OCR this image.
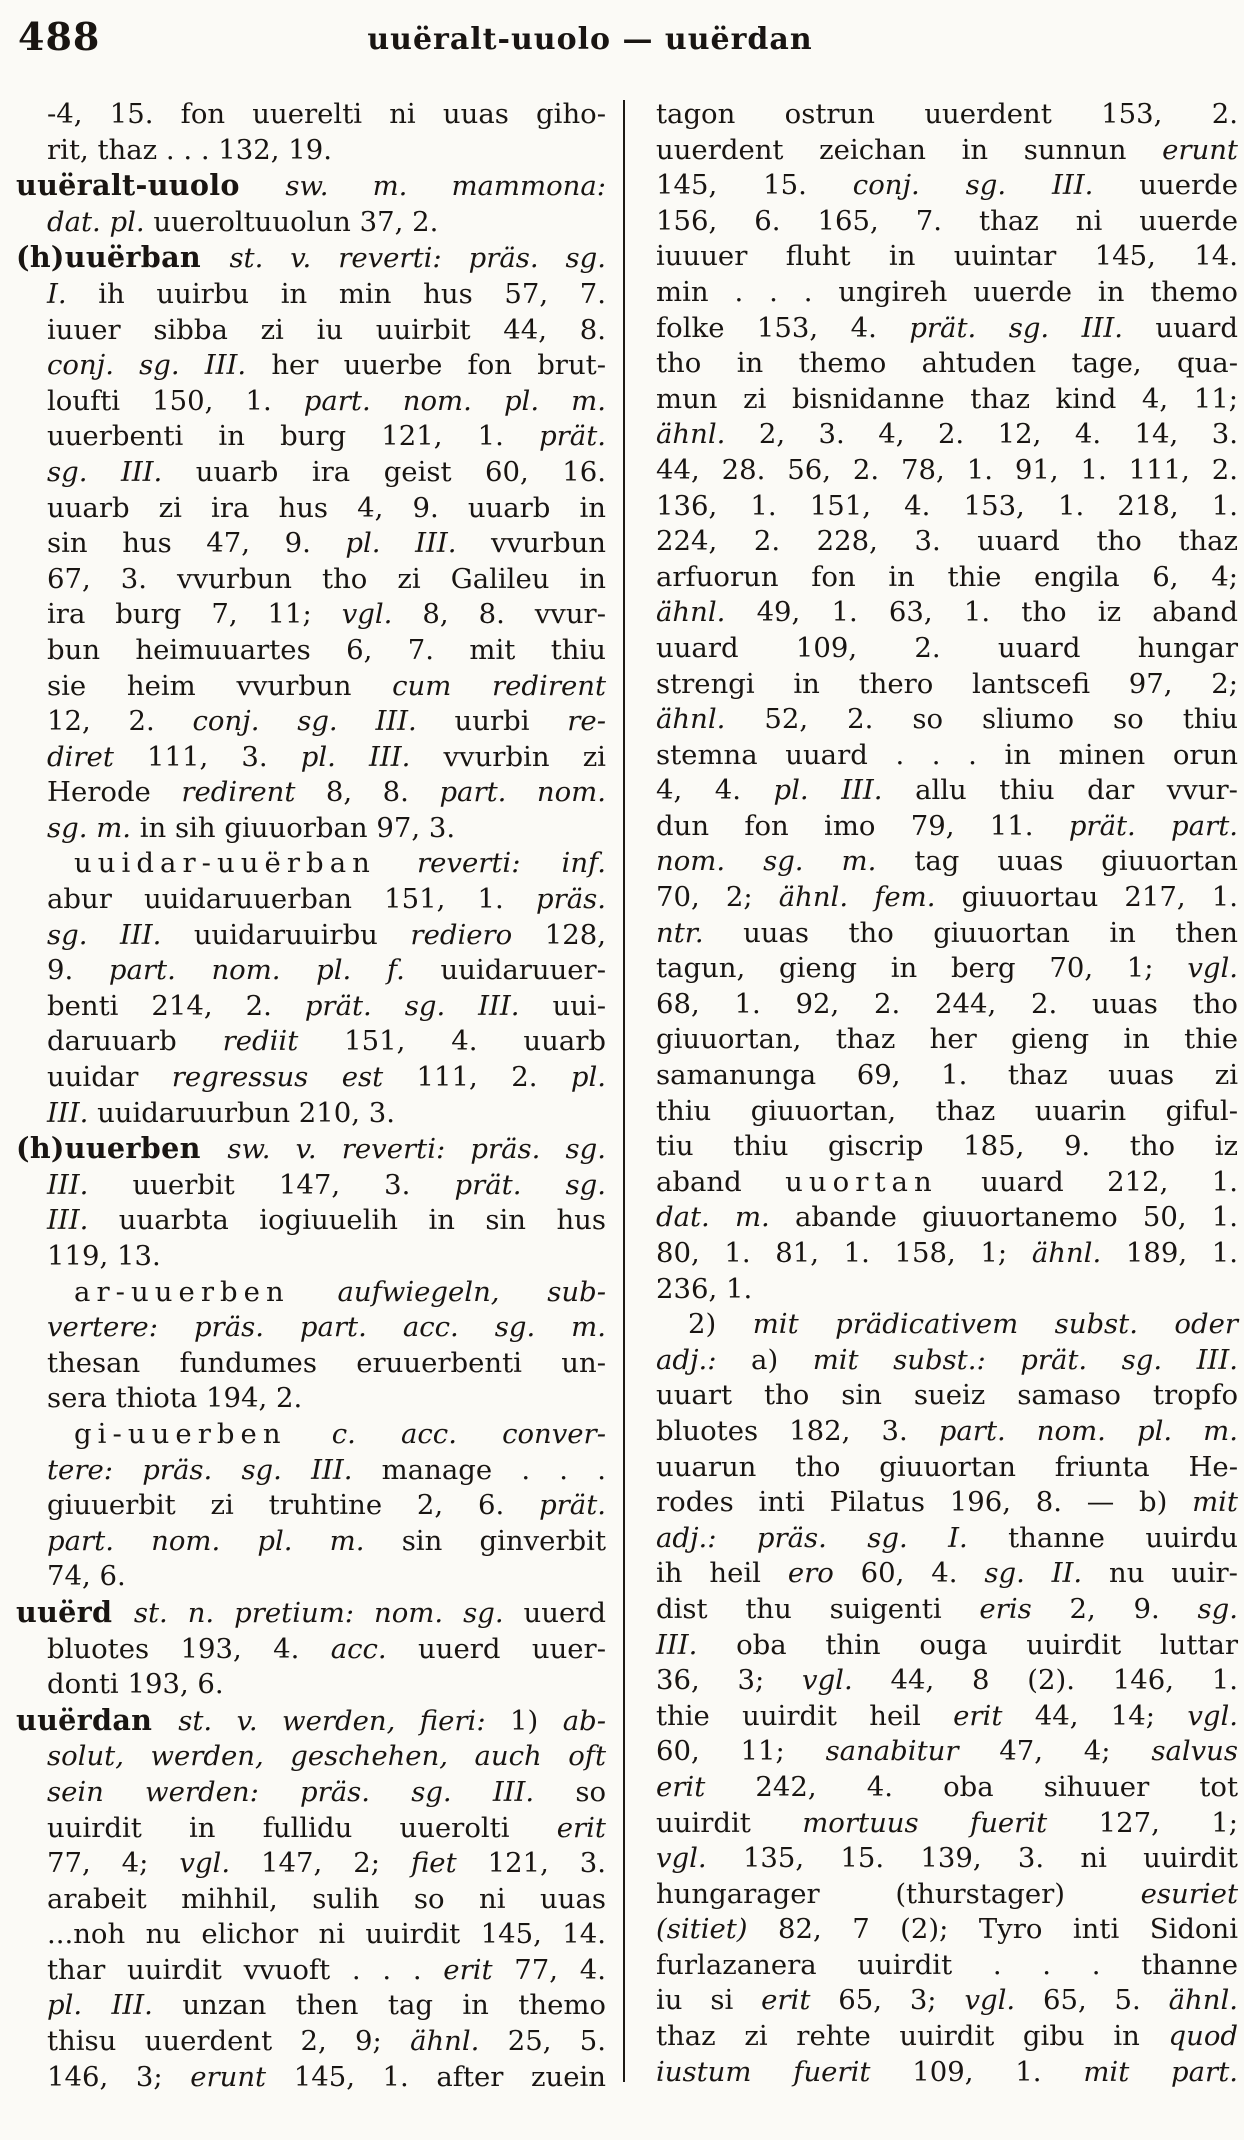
488	uuëralt-uuolo — uuërdan
-4, 15. fon uuerelti ni uuas giho-
rit, thaz . . . 132, 19.
uuëralt-uuolo sw. m. mammona:
dat. pl. uueroltuuolun 37, 2.
(h)uuërban st. v. reverti: präs. sg.
I. ih uuirbu in min hus 57, 7.
iuuer sibba zi iu uuirbit 44, 8.
conj. sg. III. her uuerbe fon brut-
loufti 150, 1. part. nom. pl. m.
uuerbenti in burg 121, 1. prät.
sg. III. uuarb ira geist 60, 16.
uuarb zi ira hus 4, 9. uuarb in
sin hus 47, 9. pl. III. vvurbun
67, 3. vvurbun tho zi Galileu in
ira burg 7, 11; vgl. 8, 8. vvur-
bun heimuuartes 6, 7. mit thiu
sie heim vvurbun cum redirent
12, 2. conj. sg. III. uurbi re-
diret 111, 3. pl. III. vvurbin zi
Herode redirent 8, 8. part. nom.
sg. m. in sih giuuorban 97, 3.
uuidar-uuërban reverti: inf.
abur uuidaruuerban 151, 1. präs.
sg. III. uuidaruuirbu rediero 128,
9. part. nom. pl. f. uuidaruuer-
benti 214, 2. prät. sg. III. uui-
daruuarb rediit 151, 4. uuarb
uuidar regressus est 111, 2. pl.
III. uuidaruurbun 210, 3.
(h)uuerben sw. v. reverti: präs. sg.
III. uuerbit 147, 3. prät. sg.
III. uuarbta iogiuuelih in sin hus
119, 13.
ar-uuerben aufwiegeln, sub-
vertere: präs. part. acc. sg. m.
thesan fundumes eruuerbenti un-
sera thiota 194, 2.
gi-uuerben c. acc. conver-
tere: präs. sg. III. manage . . .
giuuerbit zi truhtine 2, 6. prät.
part. nom. pl. m. sin ginverbit
74, 6.
uuërd st. n. pretium: nom. sg. uuerd
bluotes 193, 4. acc. uuerd uuer-
donti 193, 6.
uuërdan st. v. werden, fieri: 1) ab-
solut, werden, geschehen, auch oft
sein werden: präs. sg. III. so
uuirdit in fullidu uuerolti erit
77, 4; vgl. 147, 2; fiet 121, 3.
arabeit mihhil, sulih so ni uuas
...noh nu elichor ni uuirdit 145, 14.
thar uuirdit vvuoft . . . erit 77, 4.
pl. III. unzan then tag in themo
thisu uuerdent 2, 9; ähnl. 25, 5.
146, 3; erunt 145, 1. after zuein
tagon ostrun uuerdent 153, 2.
uuerdent zeichan in sunnun erunt
145, 15. conj. sg. III. uuerde
156, 6. 165, 7. thaz ni uuerde
iuuuer fluht in uuintar 145, 14.
min . . . ungireh uuerde in themo
folke 153, 4. prät. sg. III. uuard
tho in themo ahtuden tage, qua-
mun zi bisnidanne thaz kind 4, 11;
ähnl. 2, 3. 4, 2. 12, 4. 14, 3.
44, 28. 56, 2. 78, 1. 91, 1. 111, 2.
136, 1. 151, 4. 153, 1. 218, 1.
224, 2. 228, 3. uuard tho thaz
arfuorun fon in thie engila 6, 4;
ähnl. 49, 1. 63, 1. tho iz aband
uuard 109, 2. uuard hungar
strengi in thero lantscefi 97, 2;
ähnl. 52, 2. so sliumo so thiu
stemna uuard . . . in minen orun
4, 4. pl. III. allu thiu dar vvur-
dun fon imo 79, 11. prät. part.
nom. sg. m. tag uuas giuuortan
70, 2; ähnl. fem. giuuortau 217, 1.
ntr. uuas tho giuuortan in then
tagun, gieng in berg 70, 1; vgl.
68, 1. 92, 2. 244, 2. uuas tho
giuuortan, thaz her gieng in thie
samanunga 69, 1. thaz uuas zi
thiu giuuortan, thaz uuarin giful-
tiu thiu giscrip 185, 9. tho iz
aband uuortan uuard 212, 1.
dat. m. abande giuuortanemo 50, 1.
80, 1. 81, 1. 158, 1; ähnl. 189, 1.
236, 1.
2) mit prädicativem subst. oder
adj.: a) mit subst.: prät. sg. III.
uuart tho sin sueiz samaso tropfo
bluotes 182, 3. part. nom. pl. m.
uuarun tho giuuortan friunta He-
rodes inti Pilatus 196, 8. — b) mit
adj.: präs. sg. I. thanne uuirdu
ih heil ero 60, 4. sg. II. nu uuir-
dist thu suigenti eris 2, 9. sg.
III. oba thin ouga uuirdit luttar
36, 3; vgl. 44, 8 (2). 146, 1.
thie uuirdit heil erit 44, 14; vgl.
60, 11; sanabitur 47, 4; salvus
erit 242, 4. oba sihuuer tot
uuirdit mortuus fuerit 127, 1;
vgl. 135, 15. 139, 3. ni uuirdit
hungarager (thurstager) esuriet
(sitiet) 82, 7 (2); Tyro inti Sidoni
furlazanera uuirdit . . . thanne
iu si erit 65, 3; vgl. 65, 5. ähnl.
thaz zi rehte uuirdit gibu in quod
iustum fuerit 109, 1. mit part.
